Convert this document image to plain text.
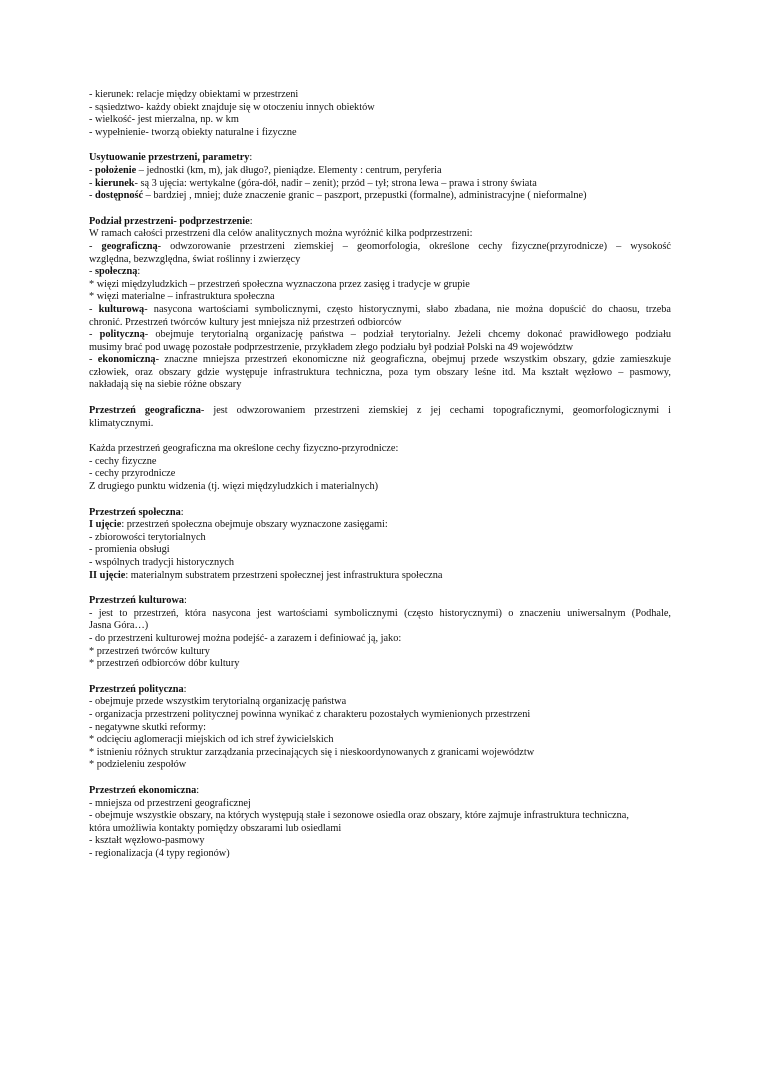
- kierunek: relacje między obiektami w przestrzeni
- sąsiedztwo- każdy obiekt znajduje się w otoczeniu innych obiektów
- wielkość- jest mierzalna, np. w km
- wypełnienie- tworzą obiekty naturalne i fizyczne
Usytuowanie przestrzeni, parametry:
- położenie – jednostki (km, m), jak długo?, pieniądze. Elementy : centrum, peryferia
- kierunek- są 3 ujęcia: wertykalne (góra-dół, nadir – zenit); przód – tył; strona lewa – prawa i strony świata
- dostępność – bardziej , mniej; duże znaczenie granic – paszport, przepustki (formalne), administracyjne ( nieformalne)
Podział przestrzeni- podprzestrzenie:
W ramach całości przestrzeni dla celów analitycznych można wyróżnić kilka podprzestrzeni:
- geograficzną- odwzorowanie przestrzeni ziemskiej – geomorfologia, określone cechy fizyczne(przyrodnicze) – wysokość
względna, bezwzględna, świat roślinny i zwierzęcy
- społeczną:
* więzi międzyludzkich – przestrzeń społeczna wyznaczona przez zasięg i tradycje w grupie
* więzi materialne – infrastruktura społeczna
- kulturową- nasycona wartościami symbolicznymi, często historycznymi, słabo zbadana, nie można dopuścić do chaosu, trzeba
chronić. Przestrzeń twórców kultury jest mniejsza niż przestrzeń odbiorców
- polityczną- obejmuje terytorialną organizację państwa – podział terytorialny. Jeżeli chcemy dokonać prawidłowego podziału
musimy brać pod uwagę pozostałe podprzestrzenie, przykładem złego podziału był podział Polski na 49 województw
- ekonomiczną- znaczne mniejsza przestrzeń ekonomiczne niż geograficzna, obejmuj przede wszystkim obszary, gdzie zamieszkuje
człowiek, oraz obszary gdzie występuje infrastruktura techniczna, poza tym obszary leśne itd. Ma kształt węzłowo – pasmowy,
nakładają się na siebie różne obszary
Przestrzeń geograficzna- jest odwzorowaniem przestrzeni ziemskiej z jej cechami topograficznymi, geomorfologicznymi i
klimatycznymi.
Każda przestrzeń geograficzna ma określone cechy fizyczno-przyrodnicze:
- cechy fizyczne
- cechy przyrodnicze
Z drugiego punktu widzenia (tj. więzi międzyludzkich i materialnych)
Przestrzeń społeczna:
I ujęcie: przestrzeń społeczna obejmuje obszary wyznaczone zasięgami:
- zbiorowości terytorialnych
- promienia obsługi
- wspólnych tradycji historycznych
II ujęcie: materialnym substratem przestrzeni społecznej jest infrastruktura społeczna
Przestrzeń kulturowa:
- jest to przestrzeń, która nasycona jest wartościami symbolicznymi (często historycznymi) o znaczeniu uniwersalnym (Podhale,
Jasna Góra…)
- do przestrzeni kulturowej można podejść- a zarazem i definiować ją, jako:
* przestrzeń twórców kultury
* przestrzeń odbiorców dóbr kultury
Przestrzeń polityczna:
- obejmuje przede wszystkim terytorialną organizację państwa
- organizacja przestrzeni politycznej powinna wynikać z charakteru pozostałych wymienionych przestrzeni
- negatywne skutki reformy:
* odcięciu aglomeracji miejskich od ich stref żywicielskich
* istnieniu różnych struktur zarządzania przecinających się i nieskoordynowanych z granicami województw
* podzieleniu zespołów
Przestrzeń ekonomiczna:
- mniejsza od przestrzeni geograficznej
- obejmuje wszystkie obszary, na których występują stałe i sezonowe osiedla oraz obszary, które zajmuje infrastruktura techniczna,
która umożliwia kontakty pomiędzy obszarami lub osiedlami
- kształt węzłowo-pasmowy
- regionalizacja (4 typy regionów)
